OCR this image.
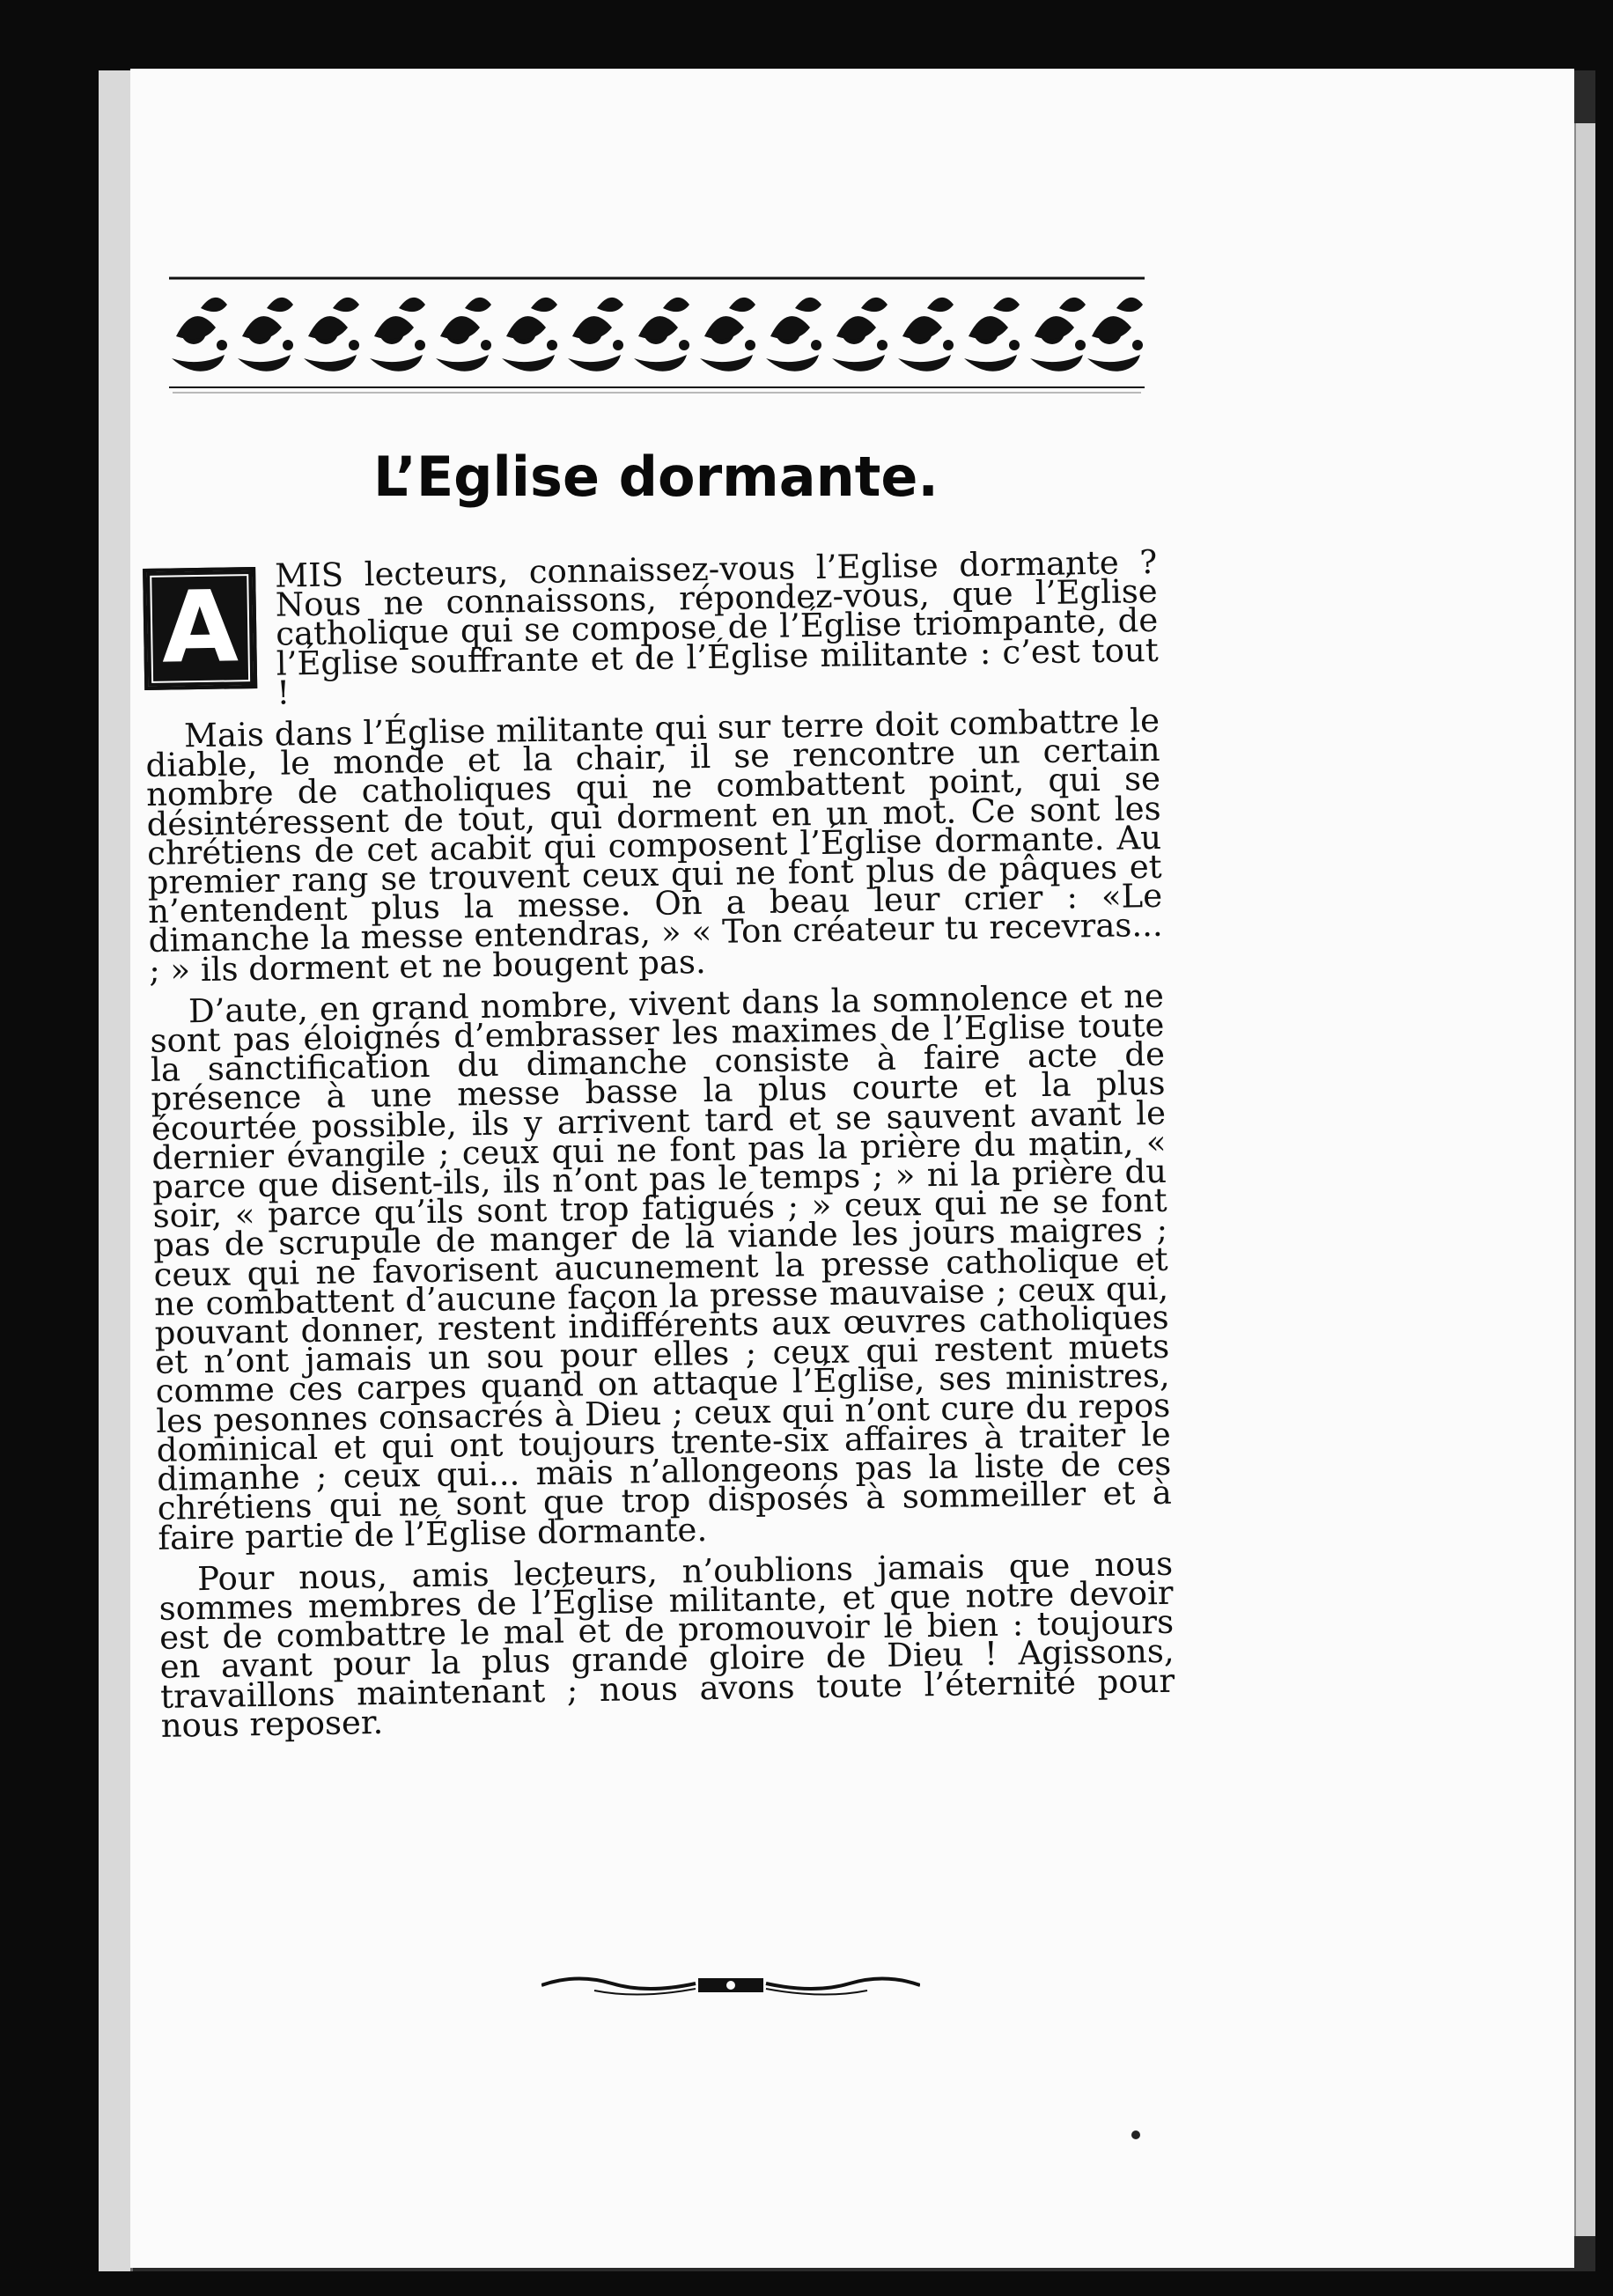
L’Eglise dormante.

A
MIS lecteurs, connaissez-vous l’Eglise dormante ? Nous ne connaissons, répondez-vous, que l’Église catholique qui se compose de l’Église triompante, de l’Église souffrante et de l’Église militante : c’est tout !

Mais dans l’Église militante qui sur terre doit combattre le diable, le monde et la chair, il se rencontre un certain nombre de catholiques qui ne combattent point, qui se désintéressent de tout, qui dorment en un mot. Ce sont les chrétiens de cet acabit qui composent l’Église dormante. Au premier rang se trouvent ceux qui ne font plus de pâques et n’entendent plus la messe. On a beau leur crier : «Le dimanche la messe entendras, » « Ton créateur tu recevras... ; » ils dorment et ne bougent pas.

D’aute, en grand nombre, vivent dans la somnolence et ne sont pas éloignés d’embrasser les maximes de l’Eglise toute la sanctification du dimanche consiste à faire acte de présence à une messe basse la plus courte et la plus écourtée possible, ils y arrivent tard et se sauvent avant le dernier évangile ; ceux qui ne font pas la prière du matin, « parce que disent-ils, ils n’ont pas le temps ; » ni la prière du soir, « parce qu’ils sont trop fatigués ; » ceux qui ne se font pas de scrupule de manger de la viande les jours maigres ; ceux qui ne favorisent aucunement la presse catholique et ne combattent d’aucune façon la presse mauvaise ; ceux qui, pouvant donner, restent indifférents aux œuvres catholiques et n’ont jamais un sou pour elles ; ceux qui restent muets comme ces carpes quand on attaque l’Église, ses ministres, les pesonnes consacrés à Dieu ; ceux qui n’ont cure du repos dominical et qui ont toujours trente-six affaires à traiter le dimanhe ; ceux qui... mais n’allongeons pas la liste de ces chrétiens qui ne sont que trop disposés à sommeiller et à faire partie de l’Église dormante.

Pour nous, amis lecteurs, n’oublions jamais que nous sommes membres de l’Église militante, et que notre devoir est de combattre le mal et de promouvoir le bien : toujours en avant pour la plus grande gloire de Dieu ! Agissons, travaillons maintenant ; nous avons toute l’éternité pour nous reposer.
